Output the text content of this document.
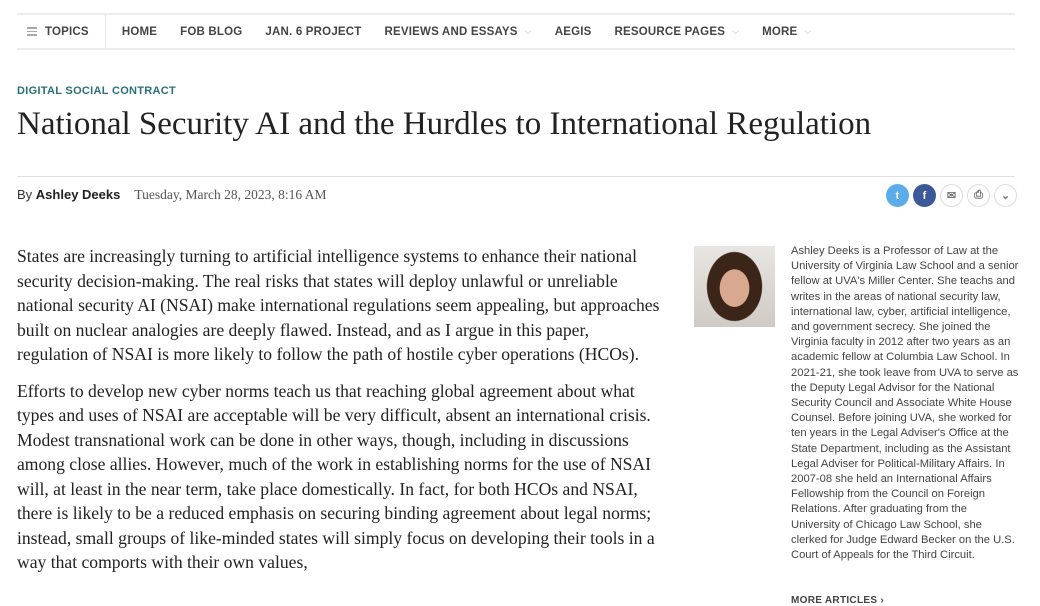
TOPICS	HOME FOB BLOG JAN. 6 PROJECT REVIEWS AND ESSAYS ⌵ AEGIS RESOURCE PAGES ⌵ MORE ⌵
DIGITAL SOCIAL CONTRACT
National Security AI and the Hurdles to International Regulation
By Ashley Deeks Tuesday, March 28, 2023, 8:16 AM	t	f	✉	⎙	⌄

States are increasingly turning to artificial intelligence systems to enhance their national security decision-making. The real risks that states will deploy unlawful or unreliable national security AI (NSAI) make international regulations seem appealing, but approaches built on nuclear analogies are deeply flawed. Instead, and as I argue in this paper, regulation of NSAI is more likely to follow the path of hostile cyber operations (HCOs).

Efforts to develop new cyber norms teach us that reaching global agreement about what types and uses of NSAI are acceptable will be very difficult, absent an international crisis. Modest transnational work can be done in other ways, though, including in discussions among close allies. However, much of the work in establishing norms for the use of NSAI will, at least in the near term, take place domestically. In fact, for both HCOs and NSAI, there is likely to be a reduced emphasis on securing binding agreement about legal norms; instead, small groups of like-minded states will simply focus on developing their tools in a way that comports with their own values,

Ashley Deeks is a Professor of Law at the University of Virginia Law School and a senior fellow at UVA's Miller Center. She teachs and writes in the areas of national security law, international law, cyber, artificial intelligence, and government secrecy. She joined the Virginia faculty in 2012 after two years as an academic fellow at Columbia Law School. In 2021-21, she took leave from UVA to serve as the Deputy Legal Advisor for the National Security Council and Associate White House Counsel. Before joining UVA, she worked for ten years in the Legal Adviser's Office at the State Department, including as the Assistant Legal Adviser for Political-Military Affairs. In 2007-08 she held an International Affairs Fellowship from the Council on Foreign Relations. After graduating from the University of Chicago Law School, she clerked for Judge Edward Becker on the U.S. Court of Appeals for the Third Circuit.
MORE ARTICLES ›
